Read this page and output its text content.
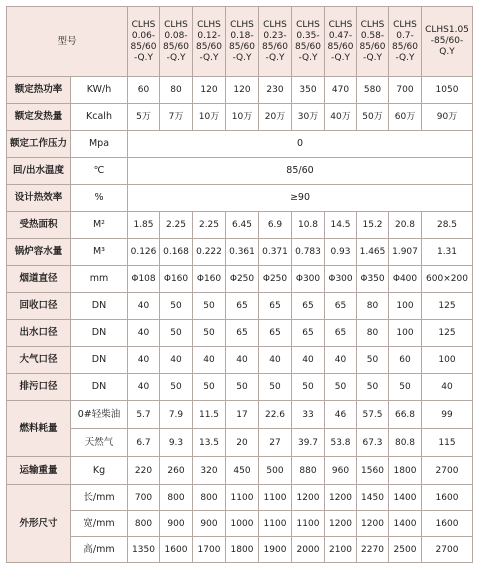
型号		CLHS 0.06- 85/60 -Q.Y	CLHS 0.08- 85/60 -Q.Y	CLHS 0.12- 85/60 -Q.Y	CLHS 0.18- 85/60 -Q.Y	CLHS 0.23- 85/60 -Q.Y	CLHS 0.35- 85/60 -Q.Y	CLHS 0.47- 85/60 -Q.Y	CLHS 0.58- 85/60 -Q.Y	CLHS 0.7- 85/60 -Q.Y	CLHS1.05 -85/60- Q.Y
额定热功率	KW/h	60	80	120	120	230	350	470	580	700	1050
额定发热量	Kcalh	5万	7万	10万	10万	20万	30万	40万	50万	60万	90万
额定工作压力	Mpa	0									
回/出水温度	℃	85/60									
设计热效率	%	≥90									
受热面积	M²	1.85	2.25	2.25	6.45	6.9	10.8	14.5	15.2	20.8	28.5
锅炉容水量	M³	0.126	0.168	0.222	0.361	0.371	0.783	0.93	1.465	1.907	1.31
烟道直径	mm	Φ108	Φ160	Φ160	Φ250	Φ250	Φ300	Φ300	Φ350	Φ400	600×200
回收口径	DN	40	50	50	65	65	65	65	80	100	125
出水口径	DN	40	50	50	65	65	65	65	80	100	125
大气口径	DN	40	40	40	40	40	40	40	50	60	100
排污口径	DN	40	50	50	50	50	50	50	50	50	40
燃料耗量	0#轻柴油	5.7	7.9	11.5	17	22.6	33	46	57.5	66.8	99
	天然气	6.7	9.3	13.5	20	27	39.7	53.8	67.3	80.8	115
运输重量	Kg	220	260	320	450	500	880	960	1560	1800	2700
外形尺寸	长/mm	700	800	800	1100	1100	1200	1200	1450	1400	1600
	宽/mm	800	900	900	1000	1100	1100	1200	1200	1400	1600
	高/mm	1350	1600	1700	1800	1900	2000	2100	2270	2500	2700
